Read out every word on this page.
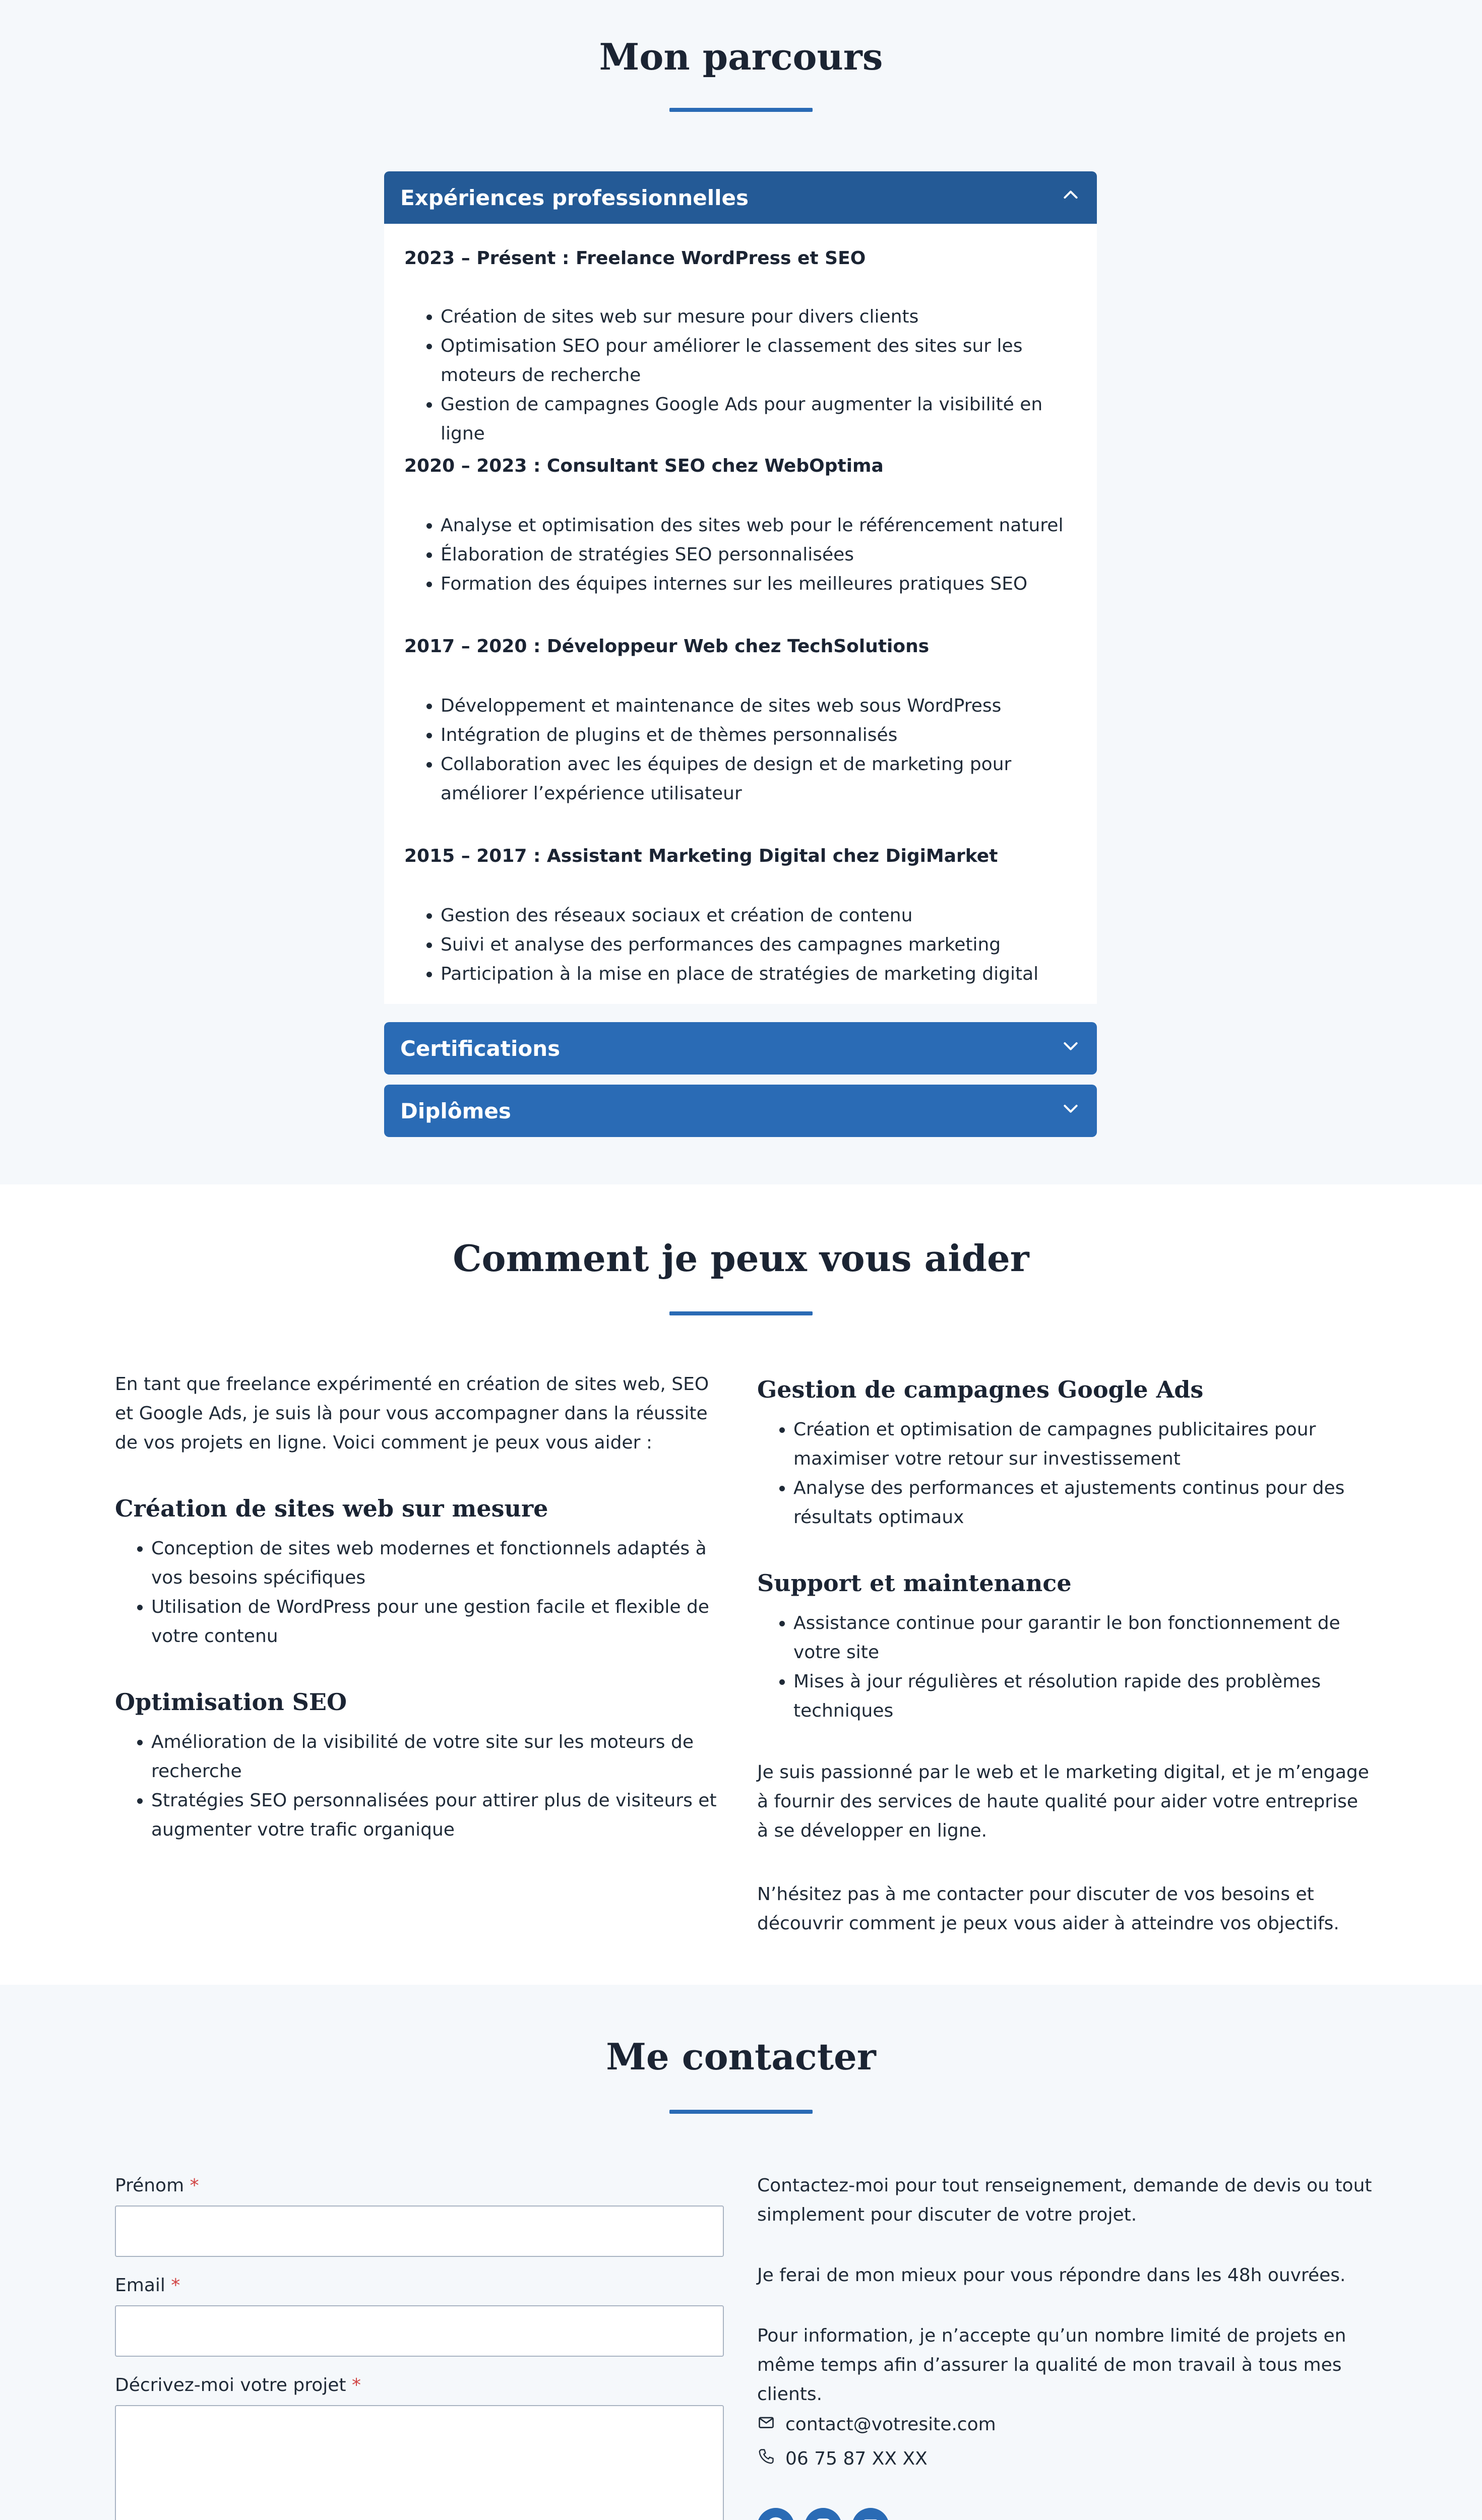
Mon parcours
Expériences professionnelles
2023 – Présent : Freelance WordPress et SEO
• Création de sites web sur mesure pour divers clients
• Optimisation SEO pour améliorer le classement des sites sur les moteurs de recherche
• Gestion de campagnes Google Ads pour augmenter la visibilité en ligne
2020 – 2023 : Consultant SEO chez WebOptima
• Analyse et optimisation des sites web pour le référencement naturel
• Élaboration de stratégies SEO personnalisées
• Formation des équipes internes sur les meilleures pratiques SEO
2017 – 2020 : Développeur Web chez TechSolutions
• Développement et maintenance de sites web sous WordPress
• Intégration de plugins et de thèmes personnalisés
• Collaboration avec les équipes de design et de marketing pour améliorer l’expérience utilisateur
2015 – 2017 : Assistant Marketing Digital chez DigiMarket
• Gestion des réseaux sociaux et création de contenu
• Suivi et analyse des performances des campagnes marketing
• Participation à la mise en place de stratégies de marketing digital
Certifications
Diplômes
Comment je peux vous aider

En tant que freelance expérimenté en création de sites web, SEO et Google Ads, je suis là pour vous accompagner dans la réussite de vos projets en ligne. Voici comment je peux vous aider :

Création de sites web sur mesure
• Conception de sites web modernes et fonctionnels adaptés à vos besoins spécifiques
• Utilisation de WordPress pour une gestion facile et flexible de votre contenu
Optimisation SEO
• Amélioration de la visibilité de votre site sur les moteurs de recherche
• Stratégies SEO personnalisées pour attirer plus de visiteurs et augmenter votre trafic organique
Gestion de campagnes Google Ads
• Création et optimisation de campagnes publicitaires pour maximiser votre retour sur investissement
• Analyse des performances et ajustements continus pour des résultats optimaux
Support et maintenance
• Assistance continue pour garantir le bon fonctionnement de votre site
• Mises à jour régulières et résolution rapide des problèmes techniques

Je suis passionné par le web et le marketing digital, et je m’engage à fournir des services de haute qualité pour aider votre entreprise à se développer en ligne.

N’hésitez pas à me contacter pour discuter de vos besoins et découvrir comment je peux vous aider à atteindre vos objectifs.

Me contacter
Prénom *
Email *
Décrivez-moi votre projet *

Contactez-moi pour tout renseignement, demande de devis ou tout simplement pour discuter de votre projet.

Je ferai de mon mieux pour vous répondre dans les 48h ouvrées.

Pour information, je n’accepte qu’un nombre limité de projets en même temps afin d’assurer la qualité de mon travail à tous mes clients.

contact@votresite.com
06 75 87 XX XX
